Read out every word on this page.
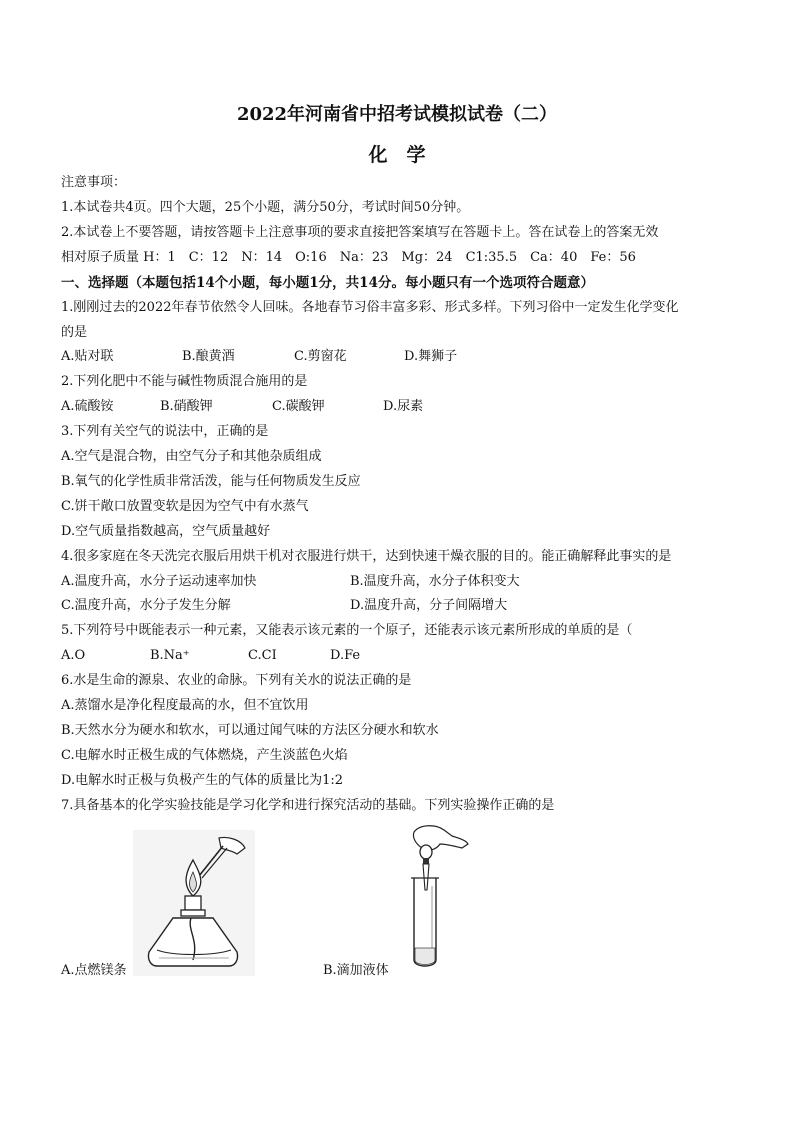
2022年河南省中招考试模拟试卷（二）
化　学
注意事项：
1.本试卷共4页。四个大题，25个小题，满分50分，考试时间50分钟。
2.本试卷上不要答题，请按答题卡上注意事项的要求直接把答案填写在答题卡上。答在试卷上的答案无效
相对原子质量 H：1　C：12　N：14　O:16　Na：23　Mg：24　C1:35.5　Ca：40　Fe：56
一、选择题（本题包括14个小题，每小题1分，共14分。每小题只有一个选项符合题意）
1.刚刚过去的2022年春节依然令人回味。各地春节习俗丰富多彩、形式多样。下列习俗中一定发生化学变化
的是
A.贴对联	B.酿黄酒	C.剪窗花	D.舞狮子
2.下列化肥中不能与碱性物质混合施用的是
A.硫酸铵	B.硝酸钾	C.碳酸钾	D.尿素
3.下列有关空气的说法中，正确的是
A.空气是混合物，由空气分子和其他杂质组成
B.氧气的化学性质非常活泼，能与任何物质发生反应
C.饼干敞口放置变软是因为空气中有水蒸气
D.空气质量指数越高，空气质量越好
4.很多家庭在冬天洗完衣服后用烘干机对衣服进行烘干，达到快速干燥衣服的目的。能正确解释此事实的是
A.温度升高，水分子运动速率加快	B.温度升高，水分子体积变大
C.温度升高，水分子发生分解	D.温度升高，分子间隔增大
5.下列符号中既能表示一种元素，又能表示该元素的一个原子，还能表示该元素所形成的单质的是（
A.O	B.Na⁺	C.CI	D.Fe
6.水是生命的源泉、农业的命脉。下列有关水的说法正确的是
A.蒸馏水是净化程度最高的水，但不宜饮用
B.天然水分为硬水和软水，可以通过闻气味的方法区分硬水和软水
C.电解水时正极生成的气体燃烧，产生淡蓝色火焰
D.电解水时正极与负极产生的气体的质量比为1:2
7.具备基本的化学实验技能是学习化学和进行探究活动的基础。下列实验操作正确的是
A.点燃镁条	B.滴加液体
